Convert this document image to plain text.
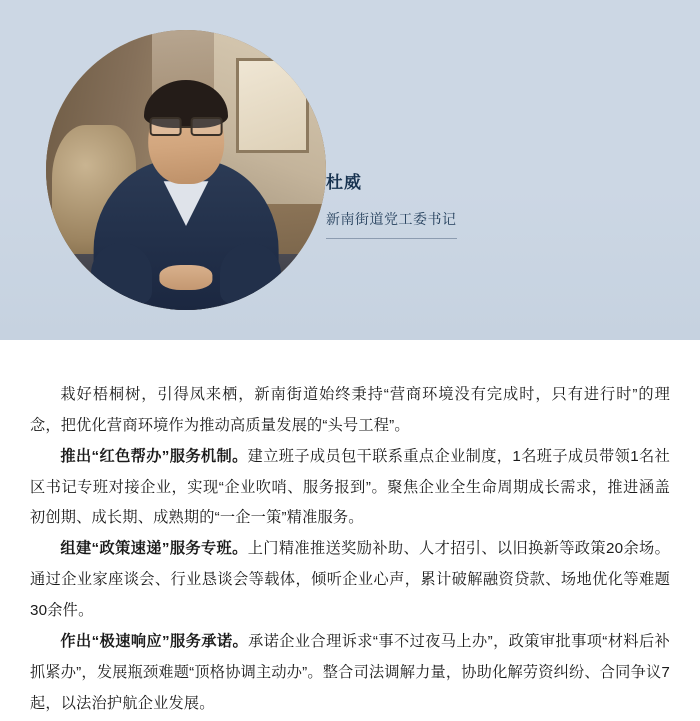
杜威
新南街道党工委书记

栽好梧桐树，引得凤来栖，新南街道始终秉持“营商环境没有完成时，只有进行时”的理念，把优化营商环境作为推动高质量发展的“头号工程”。

推出“红色帮办”服务机制。建立班子成员包干联系重点企业制度，1名班子成员带领1名社区书记专班对接企业，实现“企业吹哨、服务报到”。聚焦企业全生命周期成长需求，推进涵盖初创期、成长期、成熟期的“一企一策”精准服务。

组建“政策速递”服务专班。上门精准推送奖励补助、人才招引、以旧换新等政策20余场。通过企业家座谈会、行业恳谈会等载体，倾听企业心声，累计破解融资贷款、场地优化等难题30余件。

作出“极速响应”服务承诺。承诺企业合理诉求“事不过夜马上办”，政策审批事项“材料后补抓紧办”，发展瓶颈难题“顶格协调主动办”。整合司法调解力量，协助化解劳资纠纷、合同争议7起，以法治护航企业发展。
